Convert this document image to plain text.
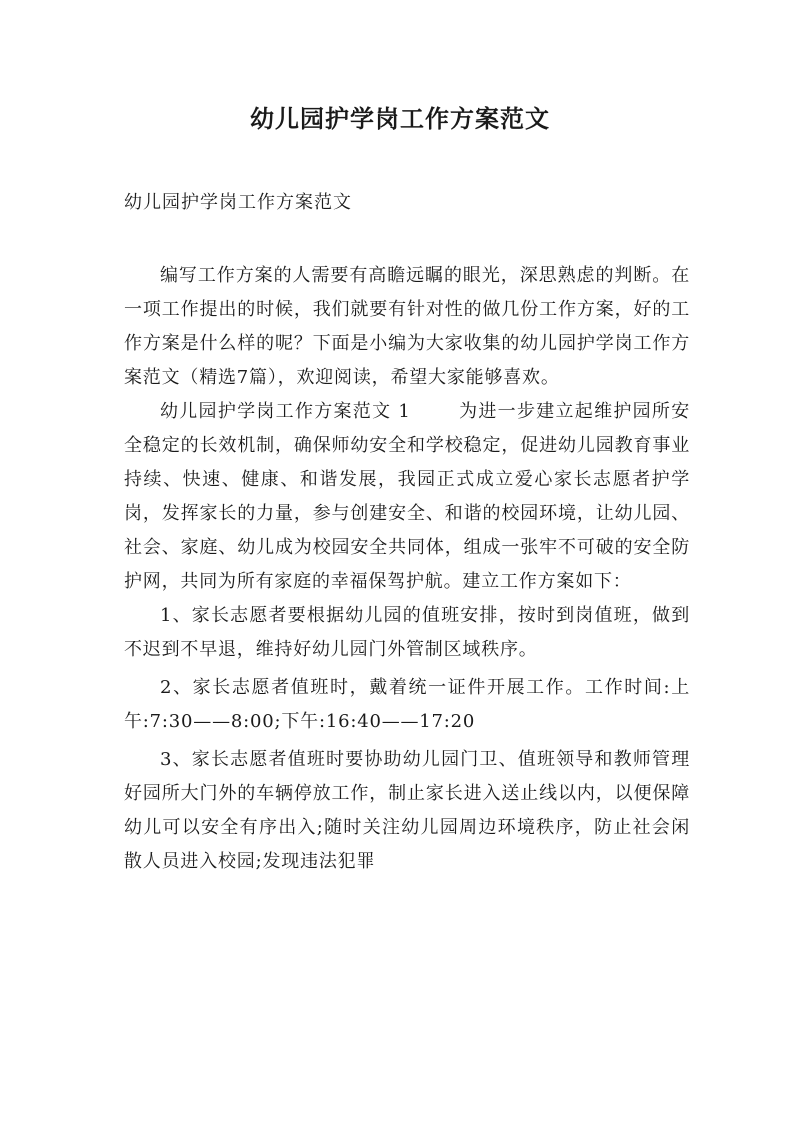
幼儿园护学岗工作方案范文

幼儿园护学岗工作方案范文

编写工作方案的人需要有高瞻远瞩的眼光，深思熟虑的判断。在一项工作提出的时候，我们就要有针对性的做几份工作方案，好的工作方案是什么样的呢？下面是小编为大家收集的幼儿园护学岗工作方案范文（精选7篇），欢迎阅读，希望大家能够喜欢。

幼儿园护学岗工作方案范文 1	为进一步建立起维护园所安全稳定的长效机制，确保师幼安全和学校稳定，促进幼儿园教育事业持续、快速、健康、和谐发展，我园正式成立爱心家长志愿者护学岗，发挥家长的力量，参与创建安全、和谐的校园环境，让幼儿园、社会、家庭、幼儿成为校园安全共同体，组成一张牢不可破的安全防护网，共同为所有家庭的幸福保驾护航。建立工作方案如下：

1、家长志愿者要根据幼儿园的值班安排，按时到岗值班，做到不迟到不早退，维持好幼儿园门外管制区域秩序。

2、家长志愿者值班时，戴着统一证件开展工作。工作时间:上午:7:30——8:00;下午:16:40——17:20

3、家长志愿者值班时要协助幼儿园门卫、值班领导和教师管理好园所大门外的车辆停放工作，制止家长进入送止线以内，以便保障幼儿可以安全有序出入;随时关注幼儿园周边环境秩序，防止社会闲散人员进入校园;发现违法犯罪
